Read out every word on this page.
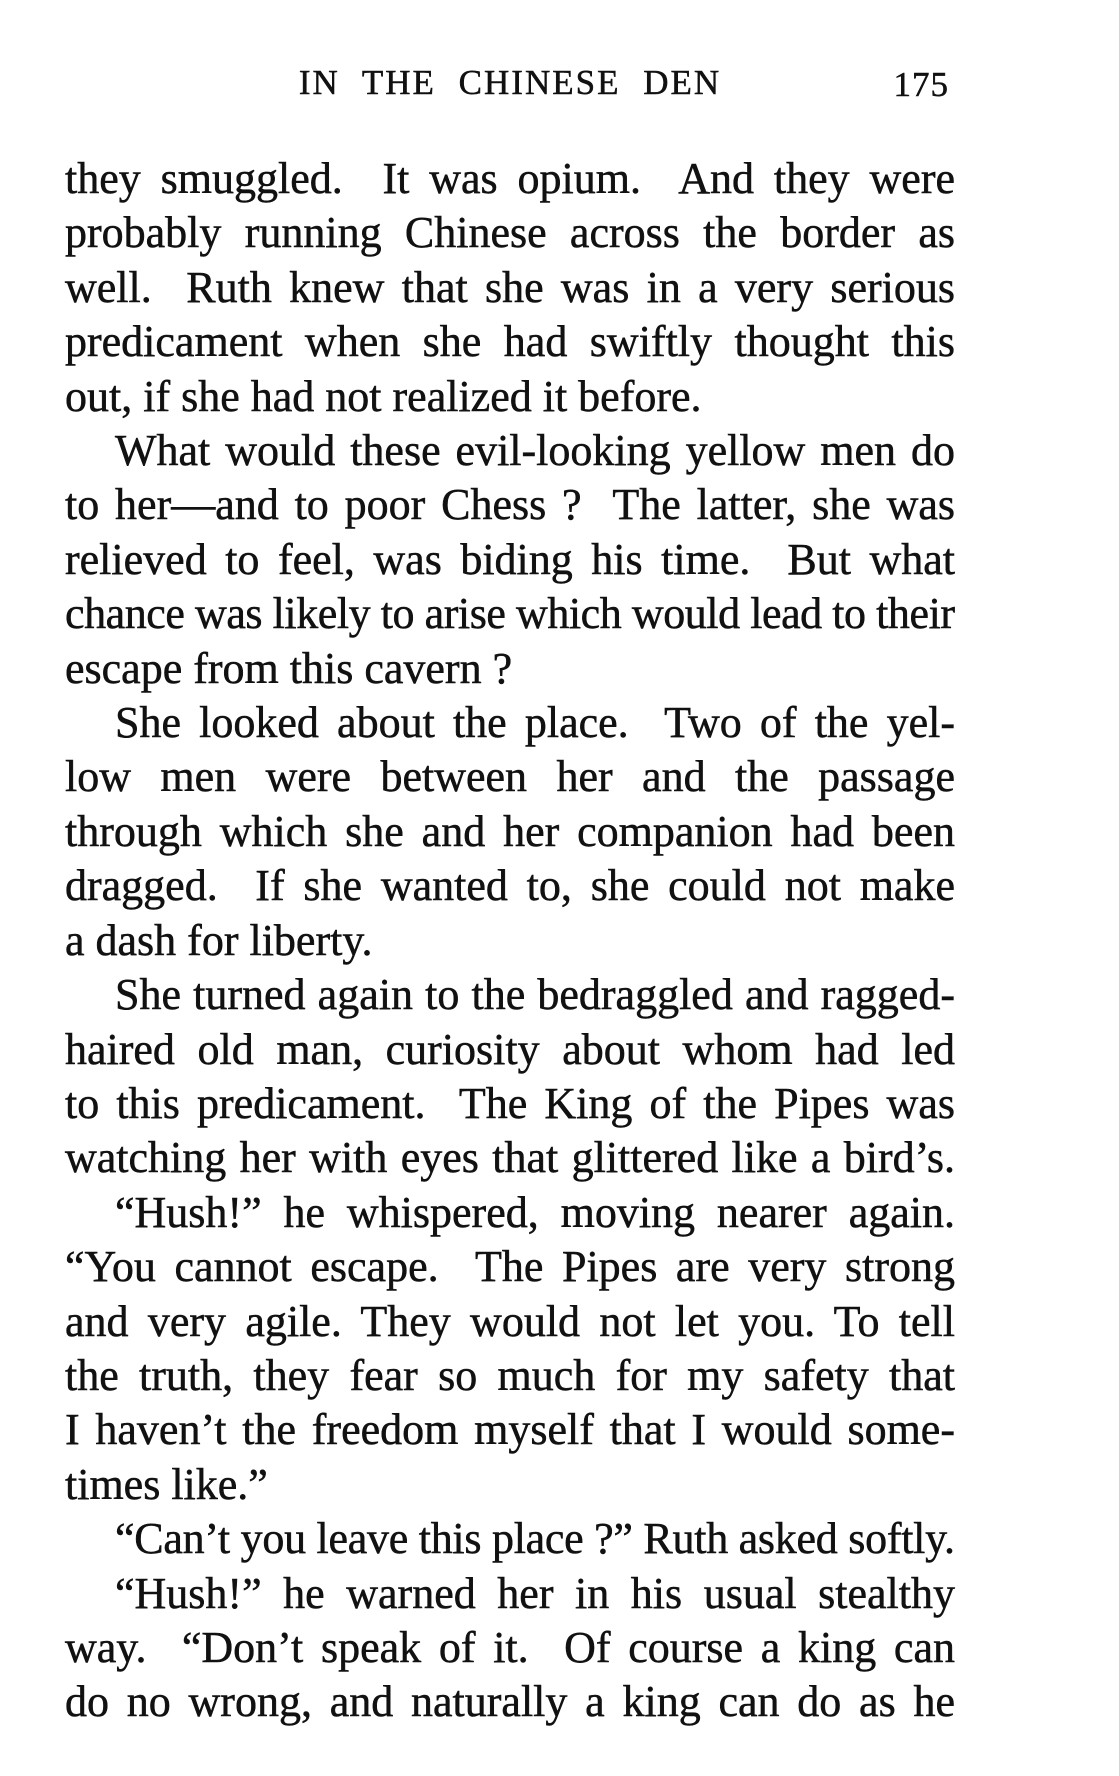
IN THE CHINESE DEN	175
they smuggled.  It was opium.  And they were
probably running Chinese across the border as
well.  Ruth knew that she was in a very serious
predicament when she had swiftly thought this
out, if she had not realized it before.
What would these evil-looking yellow men do
to her—and to poor Chess ?  The latter, she was
relieved to feel, was biding his time.  But what
chance was likely to arise which would lead to their
escape from this cavern ?
She looked about the place.  Two of the yel-
low men were between her and the passage
through which she and her companion had been
dragged.  If she wanted to, she could not make
a dash for liberty.
She turned again to the bedraggled and ragged-
haired old man, curiosity about whom had led
to this predicament.  The King of the Pipes was
watching her with eyes that glittered like a bird’s.
“Hush!” he whispered, moving nearer again.
“You cannot escape.  The Pipes are very strong
and very agile. They would not let you. To tell
the truth, they fear so much for my safety that
I haven’t the freedom myself that I would some-
times like.”
“Can’t you leave this place ?” Ruth asked softly.
“Hush!” he warned her in his usual stealthy
way.  “Don’t speak of it.  Of course a king can
do no wrong, and naturally a king can do as he
